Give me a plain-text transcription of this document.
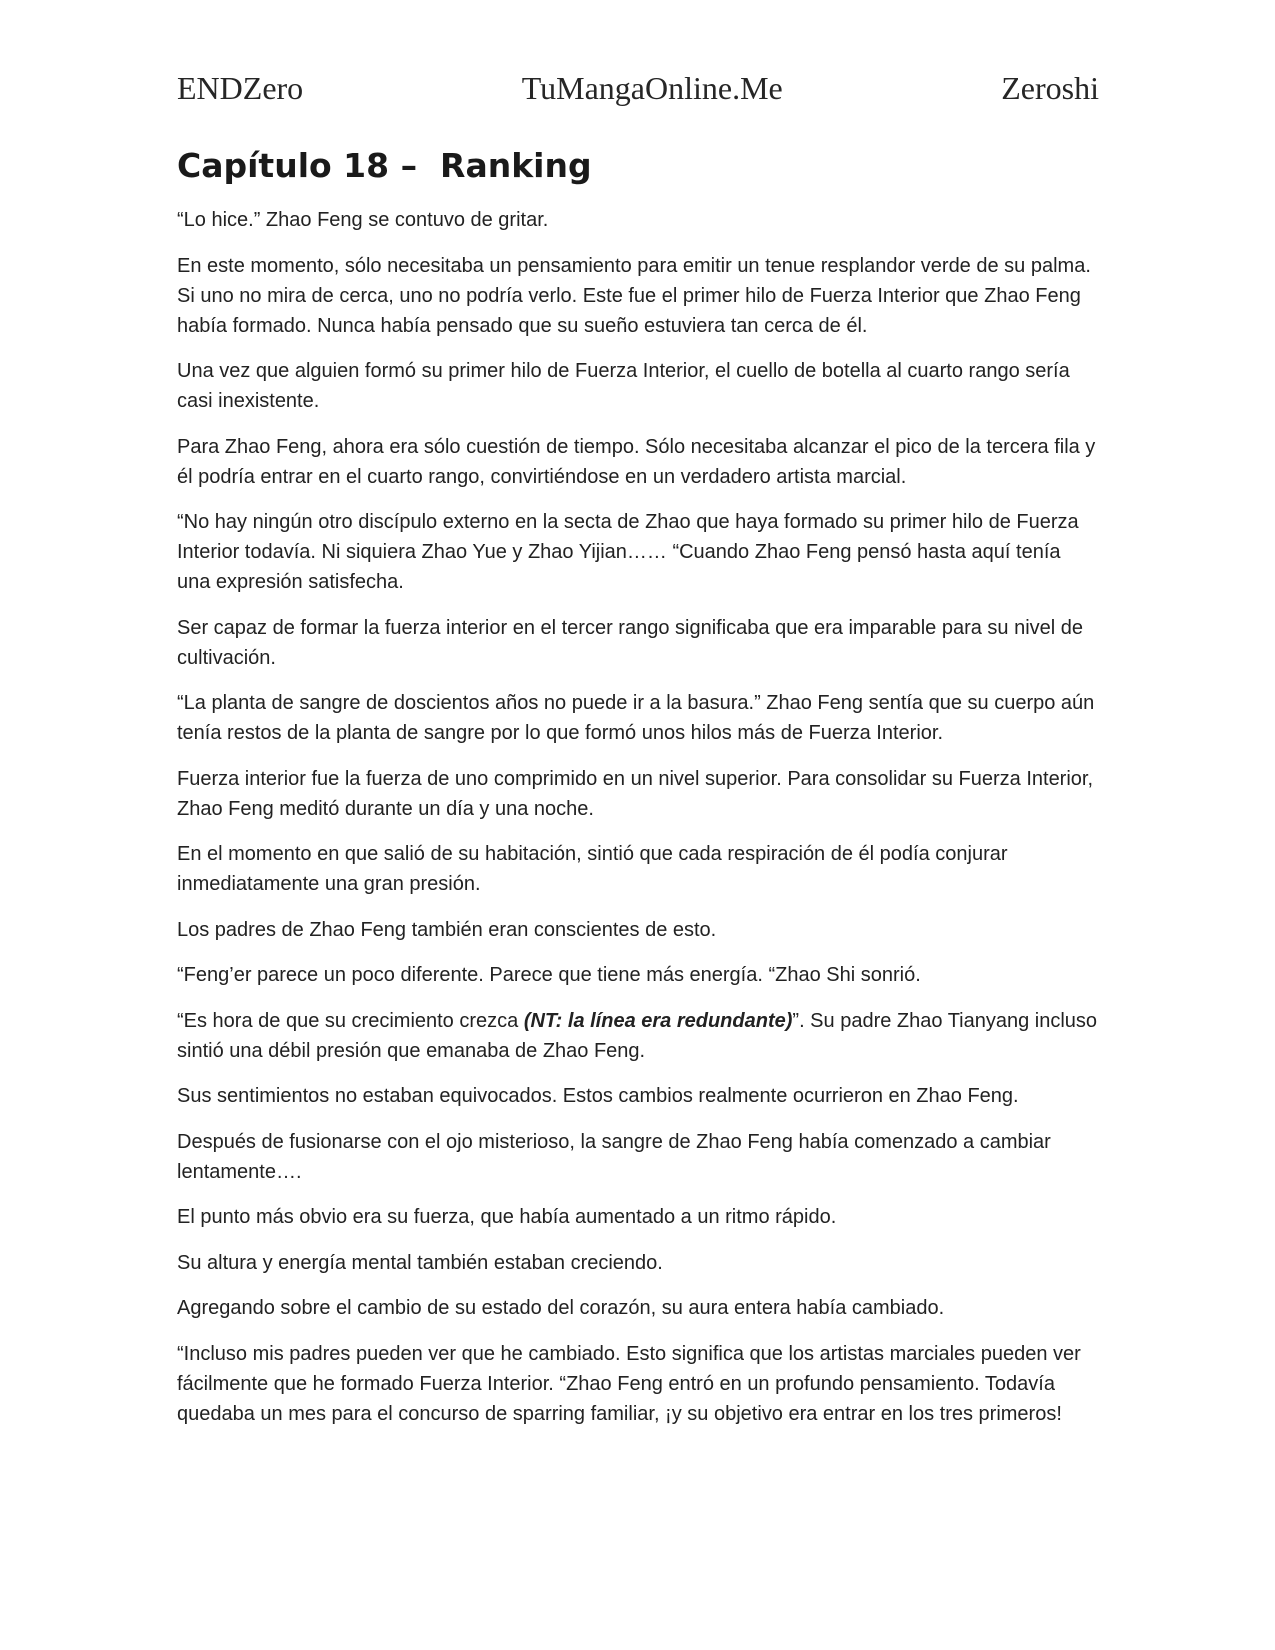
ENDZero	TuMangaOnline.Me	Zeroshi
Capítulo 18 –  Ranking

“Lo hice.” Zhao Feng se contuvo de gritar.

En este momento, sólo necesitaba un pensamiento para emitir un tenue resplandor verde de su palma. Si uno no mira de cerca, uno no podría verlo. Este fue el primer hilo de Fuerza Interior que Zhao Feng había formado. Nunca había pensado que su sueño estuviera tan cerca de él.

Una vez que alguien formó su primer hilo de Fuerza Interior, el cuello de botella al cuarto rango sería casi inexistente.

Para Zhao Feng, ahora era sólo cuestión de tiempo. Sólo necesitaba alcanzar el pico de la tercera fila y él podría entrar en el cuarto rango, convirtiéndose en un verdadero artista marcial.

“No hay ningún otro discípulo externo en la secta de Zhao que haya formado su primer hilo de Fuerza Interior todavía. Ni siquiera Zhao Yue y Zhao Yijian…… “Cuando Zhao Feng pensó hasta aquí tenía una expresión satisfecha.

Ser capaz de formar la fuerza interior en el tercer rango significaba que era imparable para su nivel de cultivación.

“La planta de sangre de doscientos años no puede ir a la basura.” Zhao Feng sentía que su cuerpo aún tenía restos de la planta de sangre por lo que formó unos hilos más de Fuerza Interior.

Fuerza interior fue la fuerza de uno comprimido en un nivel superior. Para consolidar su Fuerza Interior, Zhao Feng meditó durante un día y una noche.

En el momento en que salió de su habitación, sintió que cada respiración de él podía conjurar inmediatamente una gran presión.

Los padres de Zhao Feng también eran conscientes de esto.

“Feng’er parece un poco diferente. Parece que tiene más energía. “Zhao Shi sonrió.

“Es hora de que su crecimiento crezca (NT: la línea era redundante)”. Su padre Zhao Tianyang incluso sintió una débil presión que emanaba de Zhao Feng.

Sus sentimientos no estaban equivocados. Estos cambios realmente ocurrieron en Zhao Feng.

Después de fusionarse con el ojo misterioso, la sangre de Zhao Feng había comenzado a cambiar lentamente….

El punto más obvio era su fuerza, que había aumentado a un ritmo rápido.

Su altura y energía mental también estaban creciendo.

Agregando sobre el cambio de su estado del corazón, su aura entera había cambiado.

“Incluso mis padres pueden ver que he cambiado. Esto significa que los artistas marciales pueden ver fácilmente que he formado Fuerza Interior. “Zhao Feng entró en un profundo pensamiento. Todavía quedaba un mes para el concurso de sparring familiar, ¡y su objetivo era entrar en los tres primeros!
